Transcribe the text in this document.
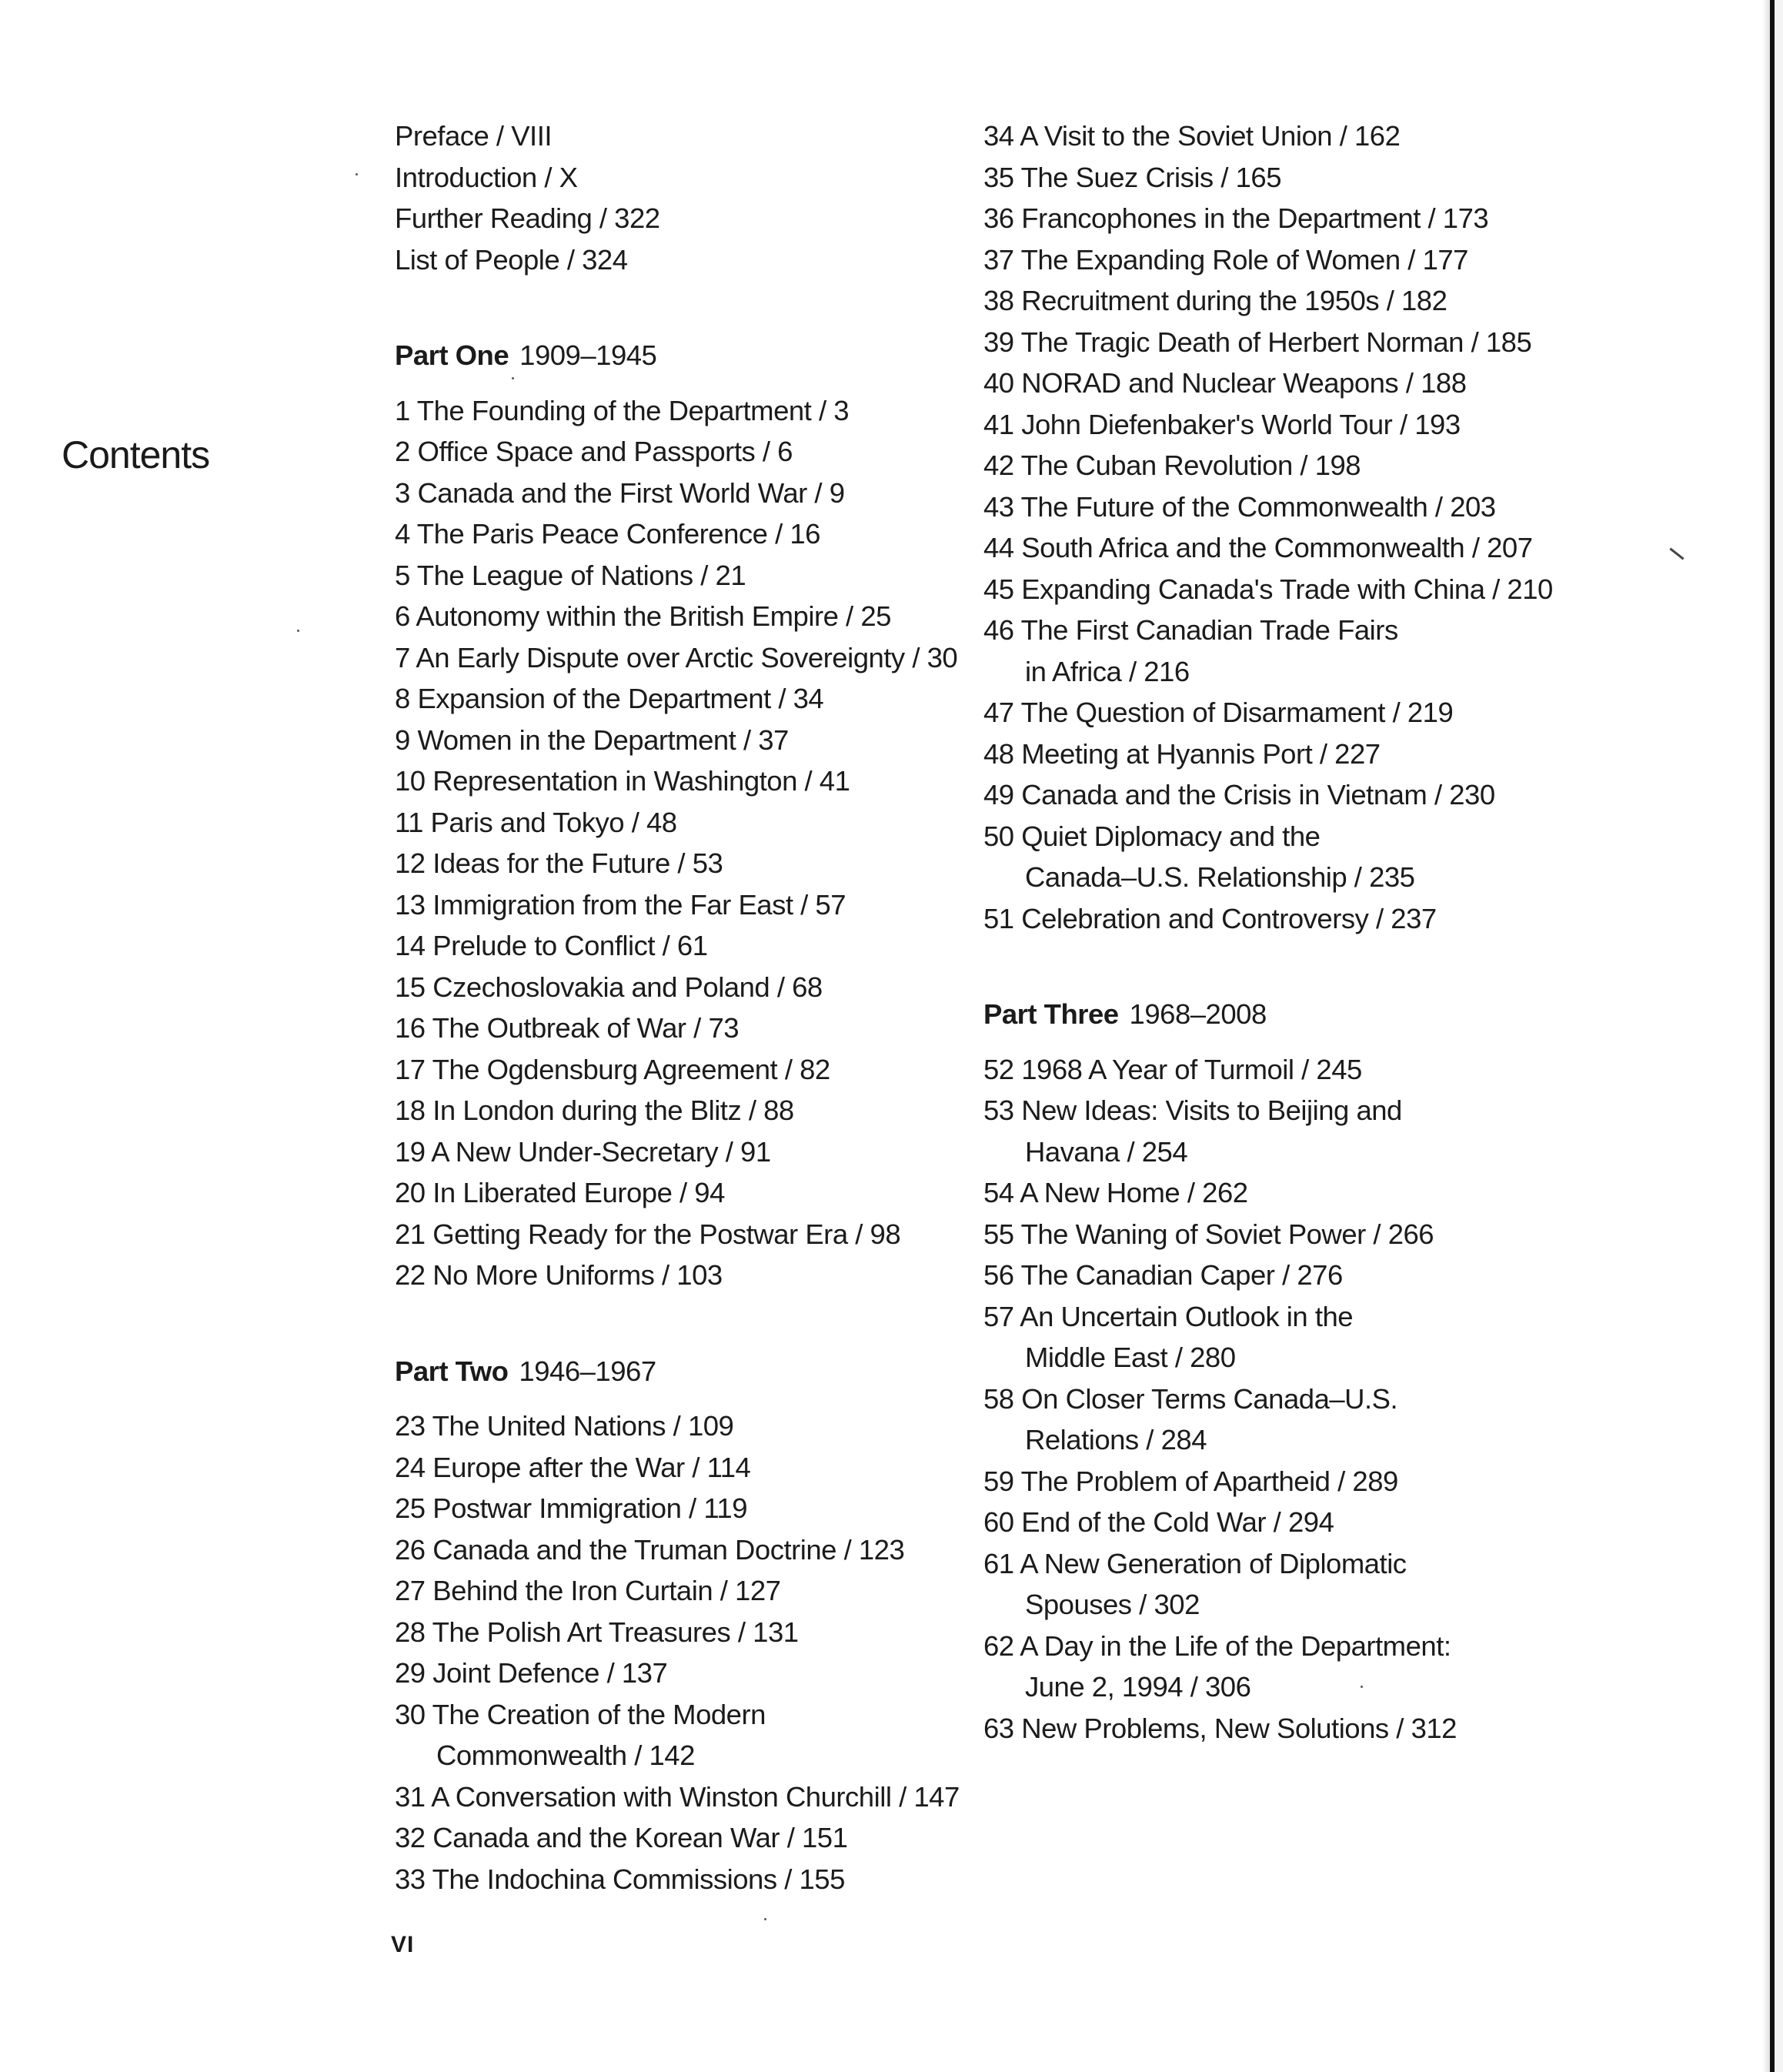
Contents
Preface / VIII
Introduction / X
Further Reading / 322
List of People / 324
Part One 1909–1945
1 The Founding of the Department / 3
2 Office Space and Passports / 6
3 Canada and the First World War / 9
4 The Paris Peace Conference / 16
5 The League of Nations / 21
6 Autonomy within the British Empire / 25
7 An Early Dispute over Arctic Sovereignty / 30
8 Expansion of the Department / 34
9 Women in the Department / 37
10 Representation in Washington / 41
11 Paris and Tokyo / 48
12 Ideas for the Future / 53
13 Immigration from the Far East / 57
14 Prelude to Conflict / 61
15 Czechoslovakia and Poland / 68
16 The Outbreak of War / 73
17 The Ogdensburg Agreement / 82
18 In London during the Blitz / 88
19 A New Under-Secretary / 91
20 In Liberated Europe / 94
21 Getting Ready for the Postwar Era / 98
22 No More Uniforms / 103
Part Two 1946–1967
23 The United Nations / 109
24 Europe after the War / 114
25 Postwar Immigration / 119
26 Canada and the Truman Doctrine / 123
27 Behind the Iron Curtain / 127
28 The Polish Art Treasures / 131
29 Joint Defence / 137
30 The Creation of the Modern
Commonwealth / 142
31 A Conversation with Winston Churchill / 147
32 Canada and the Korean War / 151
33 The Indochina Commissions / 155
34 A Visit to the Soviet Union / 162
35 The Suez Crisis / 165
36 Francophones in the Department / 173
37 The Expanding Role of Women / 177
38 Recruitment during the 1950s / 182
39 The Tragic Death of Herbert Norman / 185
40 NORAD and Nuclear Weapons / 188
41 John Diefenbaker's World Tour / 193
42 The Cuban Revolution / 198
43 The Future of the Commonwealth / 203
44 South Africa and the Commonwealth / 207
45 Expanding Canada's Trade with China / 210
46 The First Canadian Trade Fairs
in Africa / 216
47 The Question of Disarmament / 219
48 Meeting at Hyannis Port / 227
49 Canada and the Crisis in Vietnam / 230
50 Quiet Diplomacy and the
Canada–U.S. Relationship / 235
51 Celebration and Controversy / 237
Part Three 1968–2008
52 1968 A Year of Turmoil / 245
53 New Ideas: Visits to Beijing and
Havana / 254
54 A New Home / 262
55 The Waning of Soviet Power / 266
56 The Canadian Caper / 276
57 An Uncertain Outlook in the
Middle East / 280
58 On Closer Terms Canada–U.S.
Relations / 284
59 The Problem of Apartheid / 289
60 End of the Cold War / 294
61 A New Generation of Diplomatic
Spouses / 302
62 A Day in the Life of the Department:
June 2, 1994 / 306
63 New Problems, New Solutions / 312
VI
